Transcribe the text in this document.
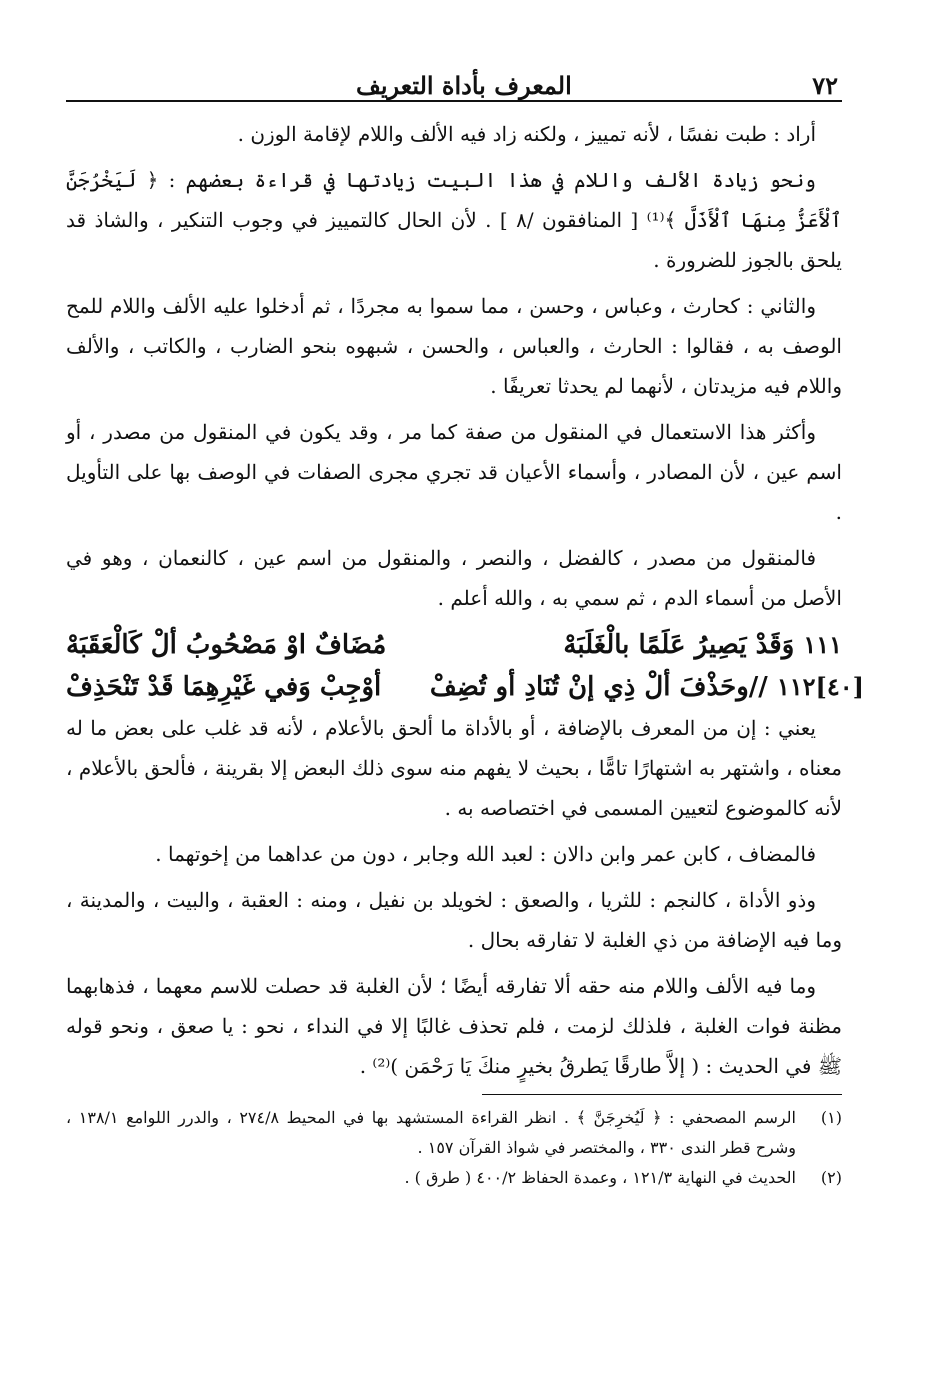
٧٢
المعرف بأداة التعريف

أراد : طبت نفسًا ، لأنه تمييز ، ولكنه زاد فيه الألف واللام لإقامة الوزن .

ونحو زيادة الألف واللام في هذا البيت زيادتها في قراءة بعضهم : ﴿ لَيَخْرُجَنَّ ٱلْأَعَزُّ مِنهَا ٱلْأَذَلَّ ﴾⁽¹⁾ [ المنافقون /٨ ] . لأن الحال كالتمييز في وجوب التنكير ، والشاذ قد يلحق بالجوز للضرورة .

والثاني : كحارث ، وعباس ، وحسن ، مما سموا به مجردًا ، ثم أدخلوا عليه الألف واللام للمح الوصف به ، فقالوا : الحارث ، والعباس ، والحسن ، شبهوه بنحو الضارب ، والكاتب ، والألف واللام فيه مزيدتان ، لأنهما لم يحدثا تعريفًا .

وأكثر هذا الاستعمال في المنقول من صفة كما مر ، وقد يكون في المنقول من مصدر ، أو اسم عين ، لأن المصادر ، وأسماء الأعيان قد تجري مجرى الصفات في الوصف بها على التأويل .

فالمنقول من مصدر ، كالفضل ، والنصر ، والمنقول من اسم عين ، كالنعمان ، وهو في الأصل من أسماء الدم ، ثم سمي به ، والله أعلم .

١١١ وَقَدْ يَصِيرُ عَلَمًا بالْغَلَبَهْ
مُضَافٌ اوْ مَصْحُوبُ ألْ كَالْعَقَبَهْ
[٤٠]١١٢ //وحَذْفَ ألْ ذِي إنْ تُنَادِ أو تُضِفْ
أوْجِبْ وَفي غَيْرِهِمَا قَدْ تَنْحَذِفْ

يعني : إن من المعرف بالإضافة ، أو بالأداة ما ألحق بالأعلام ، لأنه قد غلب على بعض ما له معناه ، واشتهر به اشتهارًا تامًّا ، بحيث لا يفهم منه سوى ذلك البعض إلا بقرينة ، فألحق بالأعلام ، لأنه كالموضوع لتعيين المسمى في اختصاصه به .

فالمضاف ، كابن عمر وابن دالان : لعبد الله وجابر ، دون من عداهما من إخوتهما .

وذو الأداة ، كالنجم : للثريا ، والصعق : لخويلد بن نفيل ، ومنه : العقبة ، والبيت ، والمدينة ، وما فيه الإضافة من ذي الغلبة لا تفارقه بحال .

وما فيه الألف واللام منه حقه ألا تفارقه أيضًا ؛ لأن الغلبة قد حصلت للاسم معهما ، فذهابهما مظنة فوات الغلبة ، فلذلك لزمت ، فلم تحذف غالبًا إلا في النداء ، نحو : يا صعق ، ونحو قوله ﷺ في الحديث : ( إلاَّ طارقًا يَطرقُ بخيرٍ منكَ يَا رَحْمَن )⁽²⁾ .

(١)
الرسم المصحفي : ﴿ لَيُخرِجَنَّ ﴾ . انظر القراءة المستشهد بها في المحيط ٢٧٤/٨ ، والدرر اللوامع ١٣٨/١ ، وشرح قطر الندى ٣٣٠ ، والمختصر في شواذ القرآن ١٥٧ .
(٢)
الحديث في النهاية ١٢١/٣ ، وعمدة الحفاظ ٤٠٠/٢ ( طرق ) .
